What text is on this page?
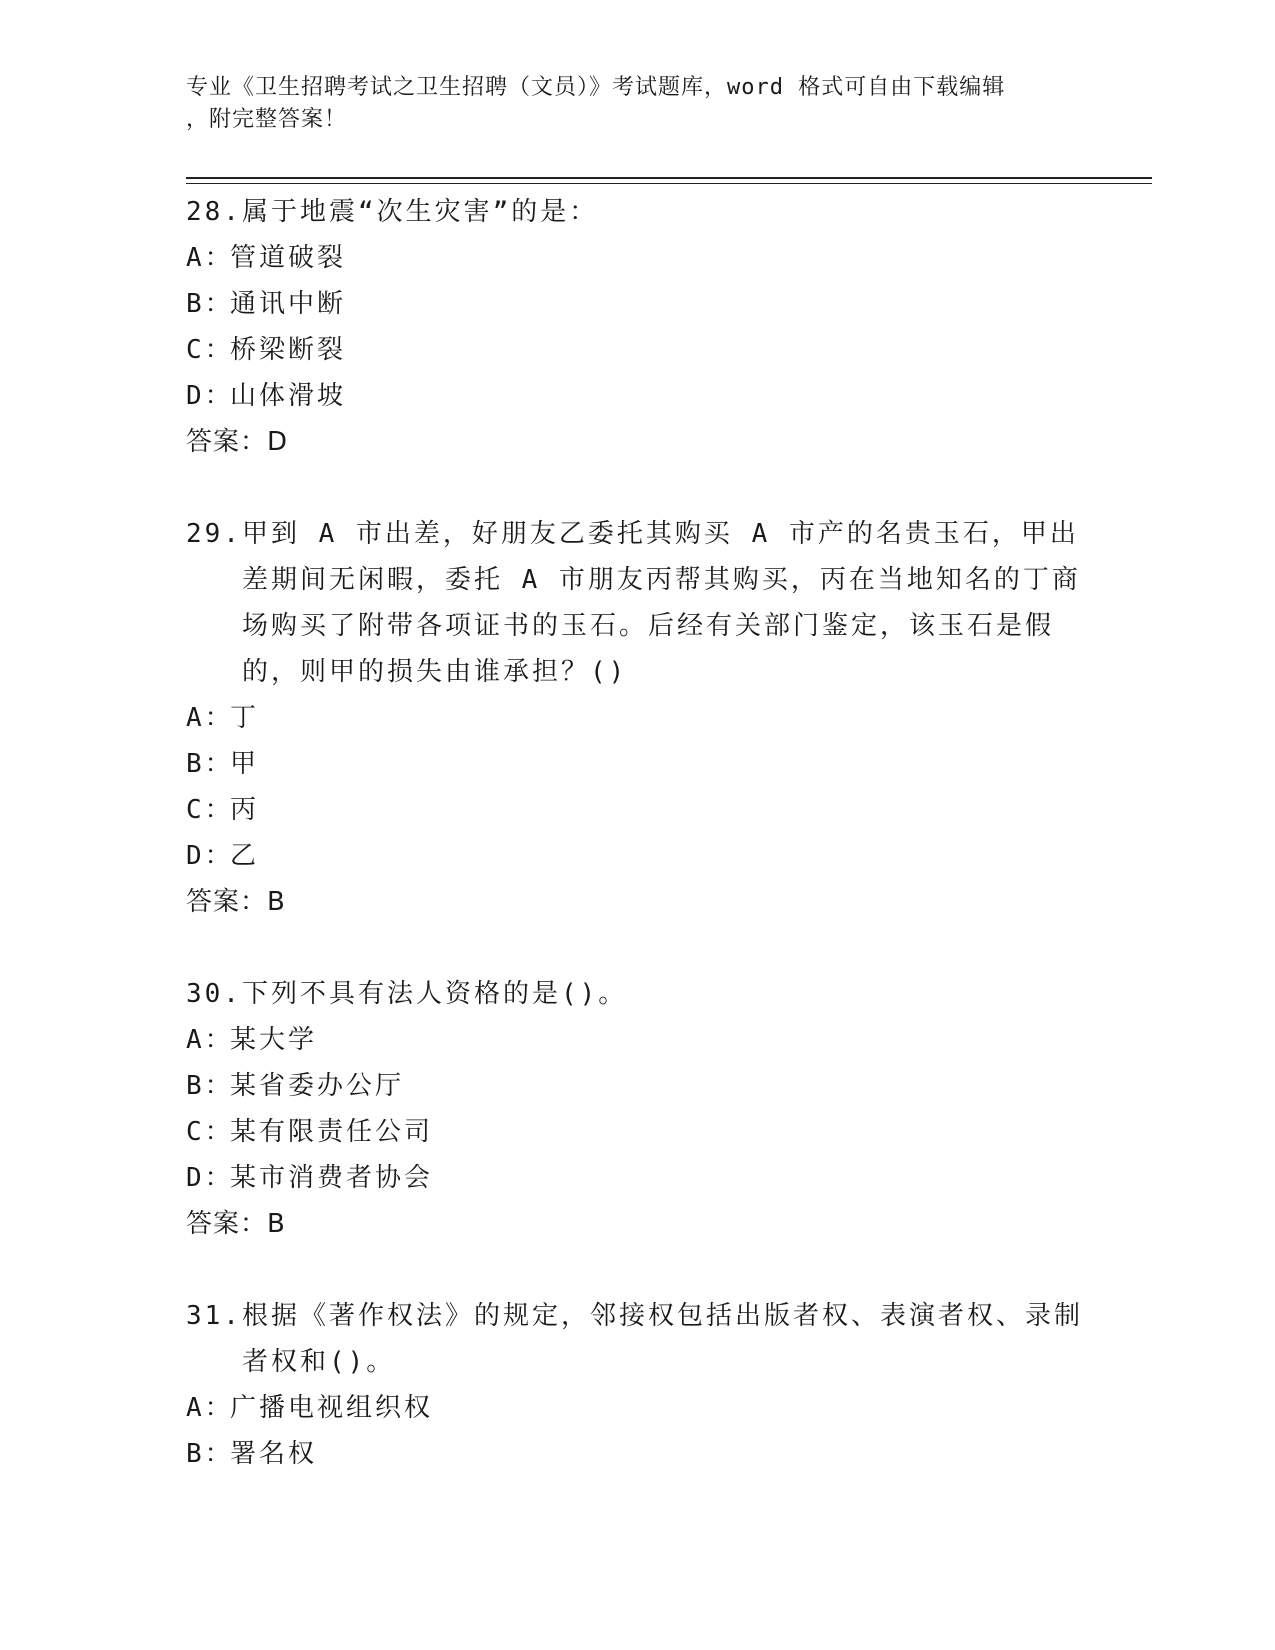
专业《卫生招聘考试之卫生招聘（文员）》考试题库，word 格式可自由下载编辑
，附完整答案！
28. 属于地震“次生灾害”的是：
A：
管道破裂
B：
通讯中断
C：
桥梁断裂
D：
山体滑坡
答案：D
29. 甲到 A 市出差，好朋友乙委托其购买 A 市产的名贵玉石，甲出差期间无闲暇，委托 A 市朋友丙帮其购买，丙在当地知名的丁商场购买了附带各项证书的玉石。后经有关部门鉴定，该玉石是假的，则甲的损失由谁承担？()
A：
丁
B：
甲
C：
丙
D：
乙
答案：B
30. 下列不具有法人资格的是()。
A：
某大学
B：
某省委办公厅
C：
某有限责任公司
D：
某市消费者协会
答案：B
31. 根据《著作权法》的规定，邻接权包括出版者权、表演者权、录制者权和()。
A：
广播电视组织权
B：
署名权
